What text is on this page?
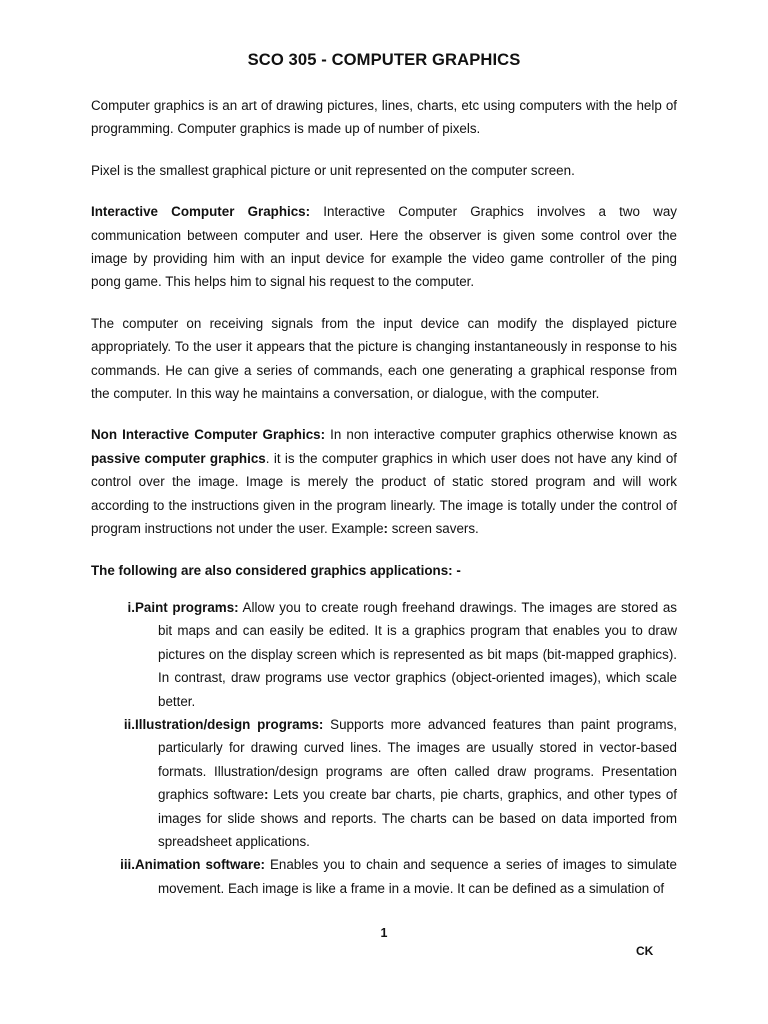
SCO 305 - COMPUTER GRAPHICS

Computer graphics is an art of drawing pictures, lines, charts, etc using computers with the help of programming. Computer graphics is made up of number of pixels.

Pixel is the smallest graphical picture or unit represented on the computer screen.

Interactive Computer Graphics: Interactive Computer Graphics involves a two way communication between computer and user. Here the observer is given some control over the image by providing him with an input device for example the video game controller of the ping pong game. This helps him to signal his request to the computer.

The computer on receiving signals from the input device can modify the displayed picture appropriately. To the user it appears that the picture is changing instantaneously in response to his commands. He can give a series of commands, each one generating a graphical response from the computer. In this way he maintains a conversation, or dialogue, with the computer.

Non Interactive Computer Graphics: In non interactive computer graphics otherwise known as passive computer graphics. it is the computer graphics in which user does not have any kind of control over the image. Image is merely the product of static stored program and will work according to the instructions given in the program linearly. The image is totally under the control of program instructions not under the user. Example: screen savers.

The following are also considered graphics applications: -

i. Paint programs: Allow you to create rough freehand drawings. The images are stored as bit maps and can easily be edited. It is a graphics program that enables you to draw pictures on the display screen which is represented as bit maps (bit-mapped graphics). In contrast, draw programs use vector graphics (object-oriented images), which scale better.
ii. Illustration/design programs: Supports more advanced features than paint programs, particularly for drawing curved lines. The images are usually stored in vector-based formats. Illustration/design programs are often called draw programs. Presentation graphics software: Lets you create bar charts, pie charts, graphics, and other types of images for slide shows and reports. The charts can be based on data imported from spreadsheet applications.
iii. Animation software: Enables you to chain and sequence a series of images to simulate movement. Each image is like a frame in a movie. It can be defined as a simulation of
1
CK
